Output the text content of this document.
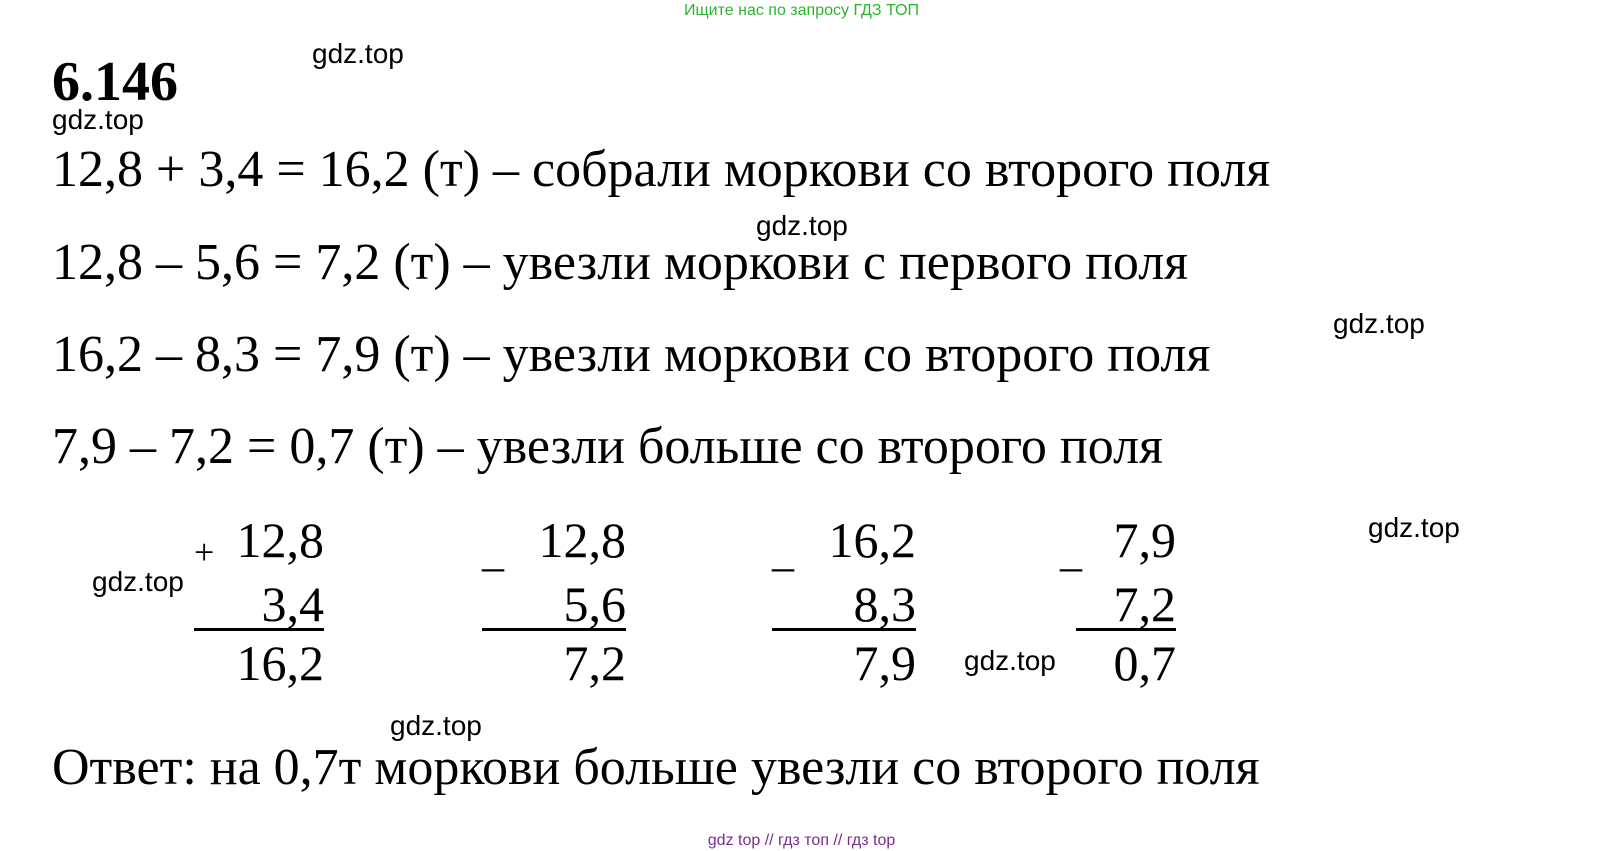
Ищите нас по запросу ГДЗ ТОП
6.146	gdz.top
gdz.top
gdz.top
gdz.top
gdz.top
gdz.top
gdz.top
gdz.top
12,8 + 3,4 = 16,2 (т) – собрали моркови со второго поля
12,8 – 5,6 = 7,2 (т) – увезли моркови с первого поля
16,2 – 8,3 = 7,9 (т) – увезли моркови со второго поля
7,9 – 7,2 = 0,7 (т) – увезли больше со второго поля
+ 12,8
3,4
16,2
_ 12,8
5,6
7,2
_ 16,2
8,3
7,9
_ 7,9
7,2
0,7
Ответ: на 0,7т моркови больше увезли со второго поля
gdz top // гдз топ // гдз top
